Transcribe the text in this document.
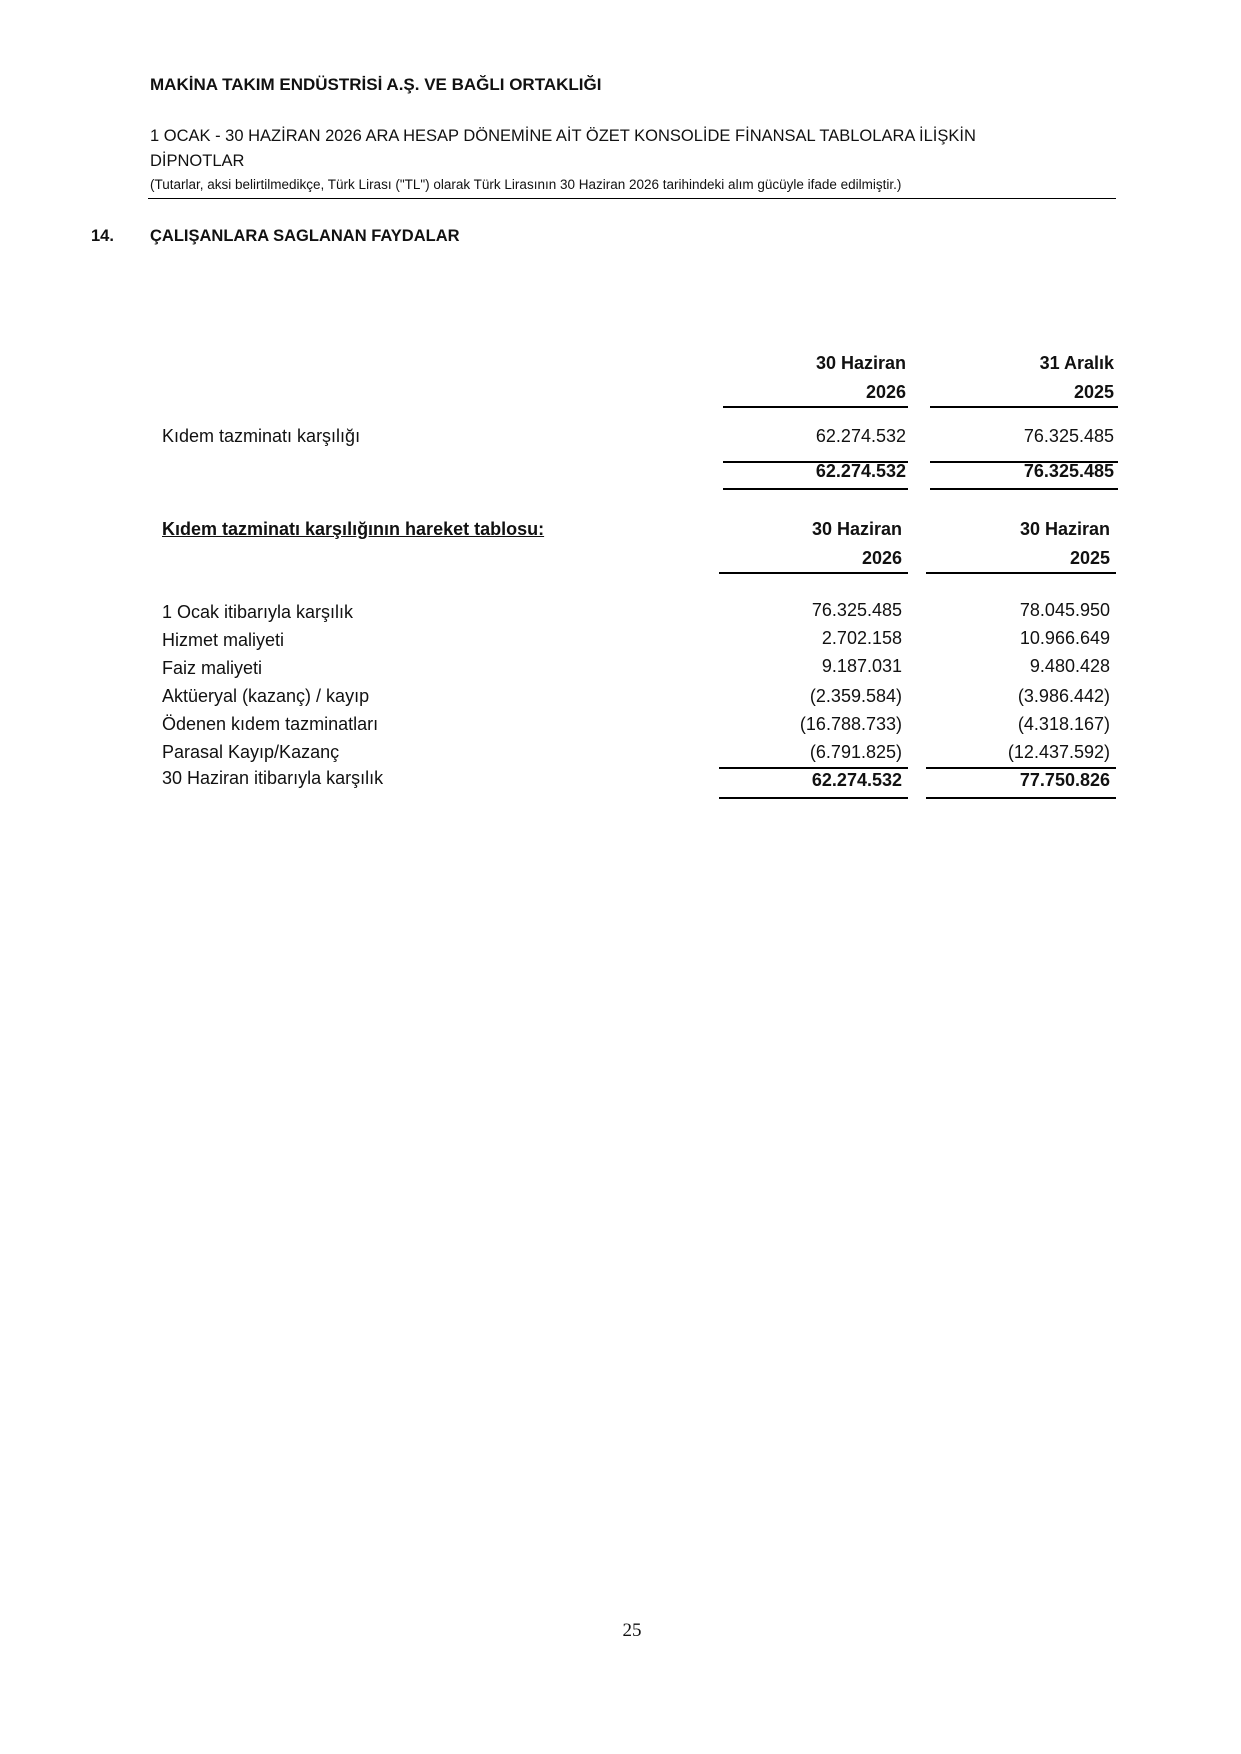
MAKİNA TAKIM ENDÜSTRİSİ A.Ş. VE BAĞLI ORTAKLIĞI
1 OCAK - 30 HAZİRAN 2026 ARA HESAP DÖNEMİNE AİT ÖZET KONSOLİDE FİNANSAL TABLOLARA İLİŞKİN
DİPNOTLAR
(Tutarlar, aksi belirtilmedikçe, Türk Lirası ("TL") olarak Türk Lirasının 30 Haziran 2026 tarihindeki alım gücüyle ifade edilmiştir.)
14. ÇALIŞANLARA SAGLANAN FAYDALAR
30 Haziran
2026
31 Aralık
2025
Kıdem tazminatı karşılığı	62.274.532	76.325.485
62.274.532	76.325.485
Kıdem tazminatı karşılığının hareket tablosu:	30 Haziran
2026
30 Haziran
2025
1 Ocak itibarıyla karşılık	76.325.485	78.045.950
Hizmet maliyeti	2.702.158	10.966.649
Faiz maliyeti	9.187.031	9.480.428
Aktüeryal (kazanç) / kayıp	(2.359.584)	(3.986.442)
Ödenen kıdem tazminatları	(16.788.733)	(4.318.167)
Parasal Kayıp/Kazanç	(6.791.825)	(12.437.592)
30 Haziran itibarıyla karşılık	62.274.532	77.750.826
25
